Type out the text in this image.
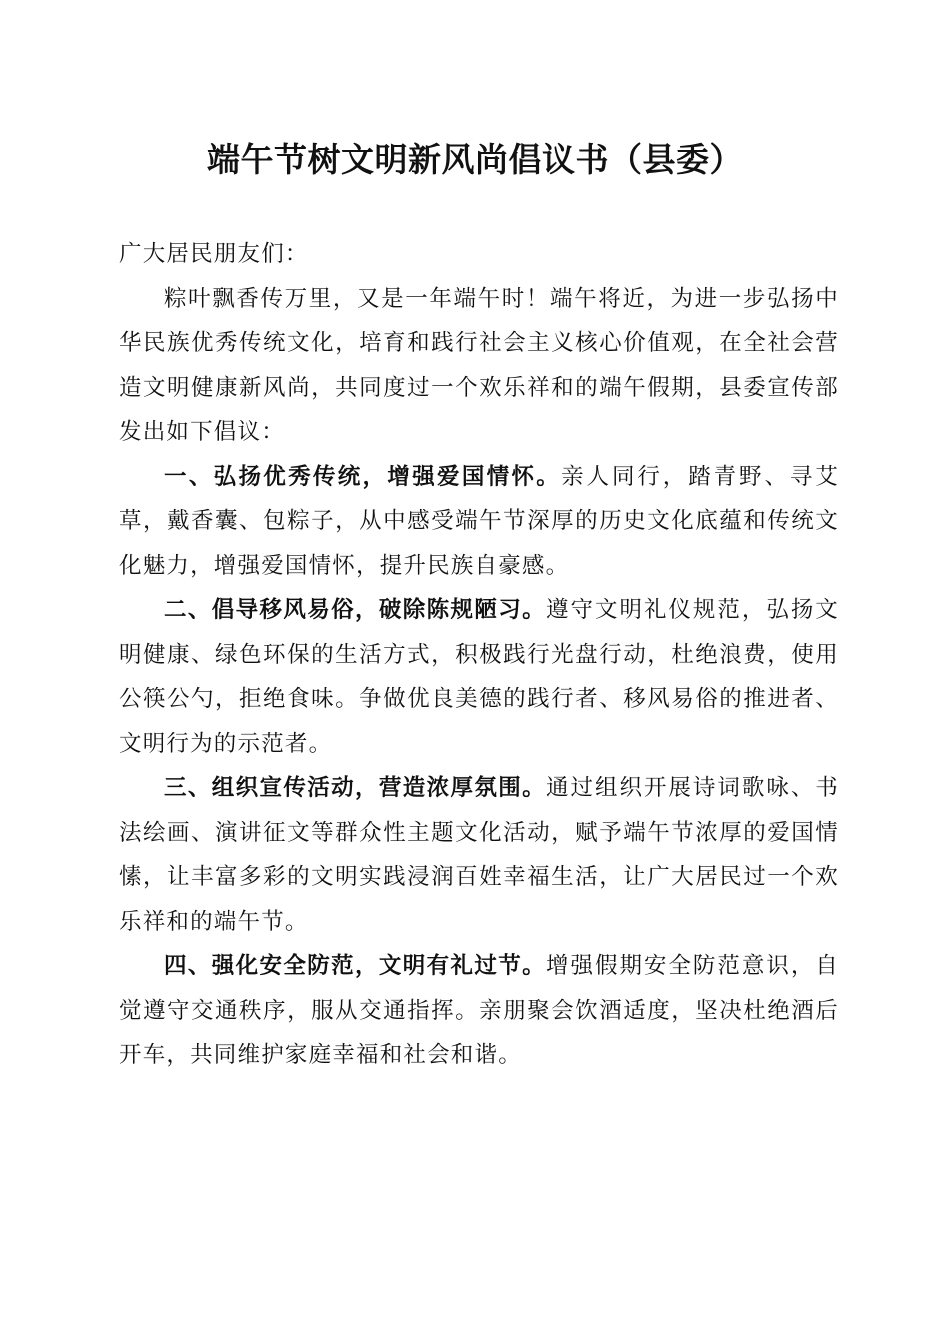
端午节树文明新风尚倡议书（县委）

广大居民朋友们：

粽叶飘香传万里，又是一年端午时！端午将近，为进一步弘扬中华民族优秀传统文化，培育和践行社会主义核心价值观，在全社会营造文明健康新风尚，共同度过一个欢乐祥和的端午假期，县委宣传部发出如下倡议：

一、弘扬优秀传统，增强爱国情怀。亲人同行，踏青野、寻艾草，戴香囊、包粽子，从中感受端午节深厚的历史文化底蕴和传统文化魅力，增强爱国情怀，提升民族自豪感。

二、倡导移风易俗，破除陈规陋习。遵守文明礼仪规范，弘扬文明健康、绿色环保的生活方式，积极践行光盘行动，杜绝浪费，使用公筷公勺，拒绝食味。争做优良美德的践行者、移风易俗的推进者、文明行为的示范者。

三、组织宣传活动，营造浓厚氛围。通过组织开展诗词歌咏、书法绘画、演讲征文等群众性主题文化活动，赋予端午节浓厚的爱国情愫，让丰富多彩的文明实践浸润百姓幸福生活，让广大居民过一个欢乐祥和的端午节。

四、强化安全防范，文明有礼过节。增强假期安全防范意识，自觉遵守交通秩序，服从交通指挥。亲朋聚会饮酒适度，坚决杜绝酒后开车，共同维护家庭幸福和社会和谐。
